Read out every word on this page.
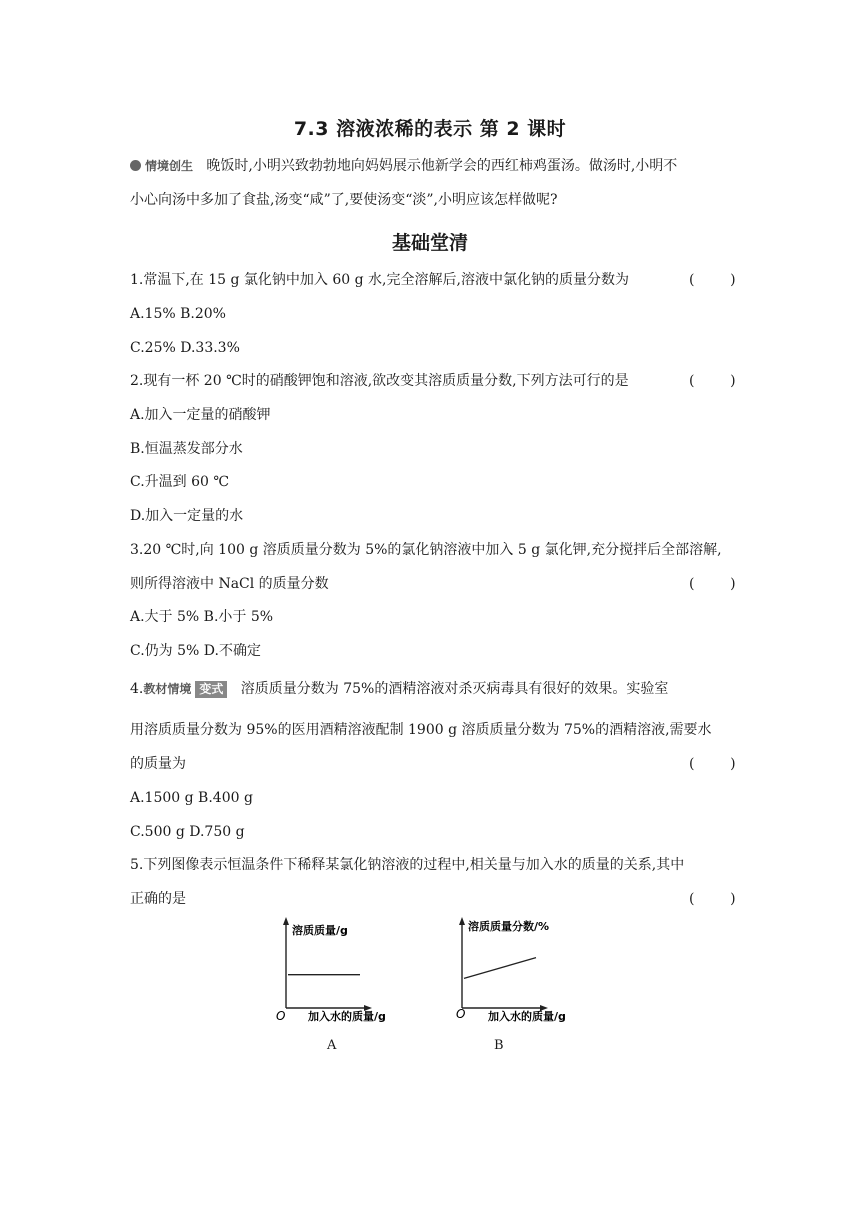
7.3 溶液浓稀的表示 第 2 课时
情境创生 晚饭时,小明兴致勃勃地向妈妈展示他新学会的西红柿鸡蛋汤。做汤时,小明不
小心向汤中多加了食盐,汤变“咸”了,要使汤变“淡”,小明应该怎样做呢?
基础堂清
1.常温下,在 15 g 氯化钠中加入 60 g 水,完全溶解后,溶液中氯化钠的质量分数为	(        )
A.15% B.20%
C.25% D.33.3%
2.现有一杯 20 ℃时的硝酸钾饱和溶液,欲改变其溶质质量分数,下列方法可行的是	(        )
A.加入一定量的硝酸钾
B.恒温蒸发部分水
C.升温到 60 ℃
D.加入一定量的水
3.20 ℃时,向 100 g 溶质质量分数为 5%的氯化钠溶液中加入 5 g 氯化钾,充分搅拌后全部溶解,
则所得溶液中 NaCl 的质量分数	(        )
A.大于 5% B.小于 5%
C.仍为 5% D.不确定
4.教材情境 变式 溶质质量分数为 75%的酒精溶液对杀灭病毒具有很好的效果。实验室
用溶质质量分数为 95%的医用酒精溶液配制 1900 g 溶质质量分数为 75%的酒精溶液,需要水
的质量为	(        )
A.1500 g B.400 g
C.500 g D.750 g
5.下列图像表示恒温条件下稀释某氯化钠溶液的过程中,相关量与加入水的质量的关系,其中
正确的是	(        )
溶质质量/g
O 加入水的质量/g
A
溶质质量分数/%
O 加入水的质量/g
B
